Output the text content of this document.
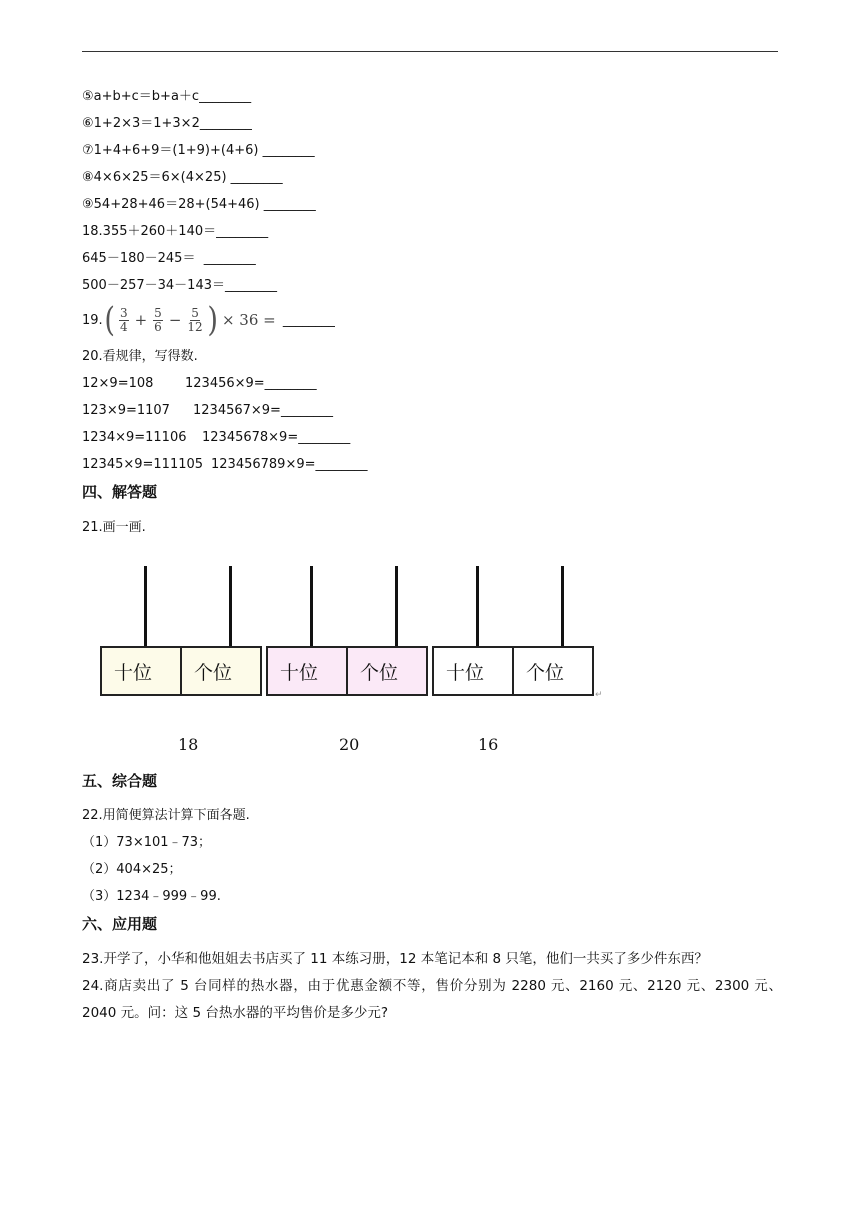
⑤a+b+c＝b+a＋c________
⑥1+2×3＝1+3×2________
⑦1+4+6+9＝(1+9)+(4+6) ________
⑧4×6×25＝6×(4×25) ________
⑨54+28+46＝28+(54+46) ________
18.355＋260＋140＝________
645－180－245＝  ________
500－257－34－143＝________
19. ( $\frac{3}{4} + \frac{5}{6} - \frac{5}{12}$ ) × 36 = ________
20.看规律，写得数.
12×9=108 123456×9=________
123×9=1107 1234567×9=________
1234×9=11106 12345678×9=________
12345×9=111105 123456789×9=________
四、解答题
21.画一画.
十位	个位	十位	个位	十位	个位
↵
18	20	16
五、综合题
22.用简便算法计算下面各题.
（1）73×101﹣73；
（2）404×25；
（3）1234﹣999﹣99.
六、应用题
23.开学了，小华和他姐姐去书店买了 11 本练习册，12 本笔记本和 8 只笔，他们一共买了多少件东西？
24.商店卖出了 5 台同样的热水器，由于优惠金额不等，售价分别为 2280 元、2160 元、2120 元、2300 元、2040 元。问：这 5 台热水器的平均售价是多少元?
